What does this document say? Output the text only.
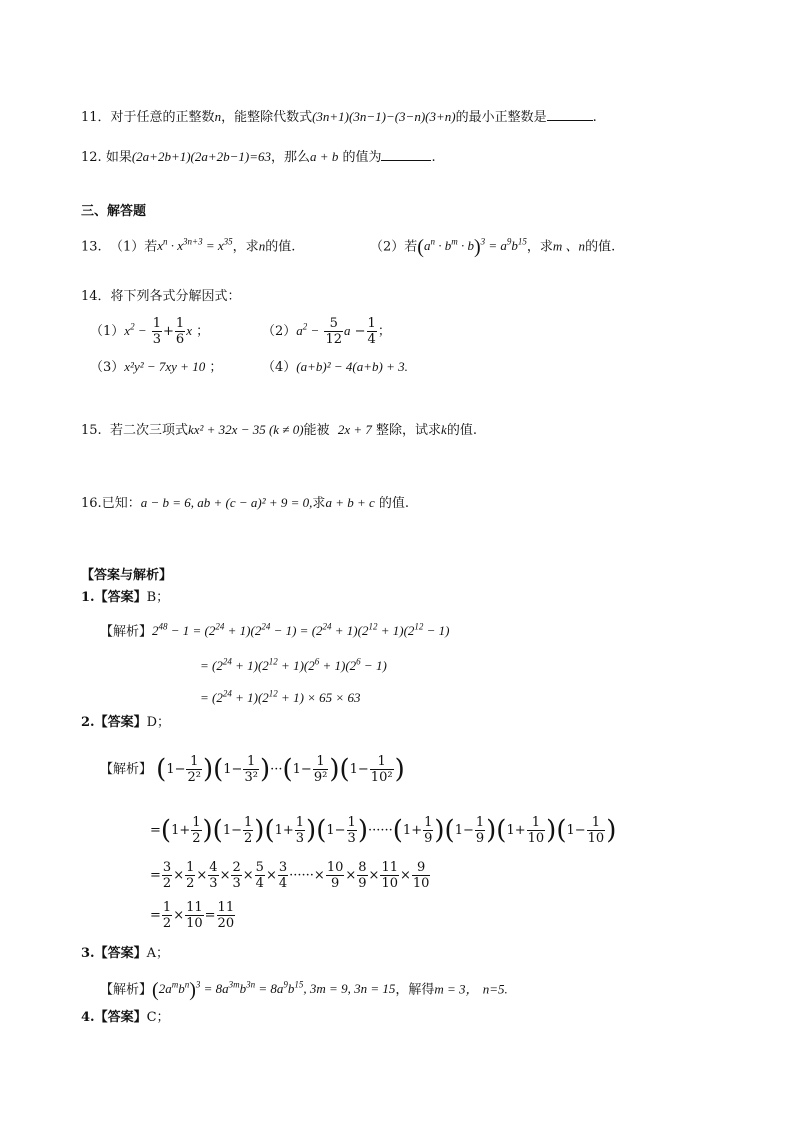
11．对于任意的正整数n，能整除代数式(3n+1)(3n−1)−(3−n)(3+n)的最小正整数是	.
12. 如果(2a+2b+1)(2a+2b−1)=63，那么a + b 的值为	.
三、解答题
13. （1）若$x^n \cdot x^{3n+3} = x^{35}$，求n的值.	（2）若$(a^n \cdot b^m \cdot b)^3 = a^9b^{15}$，求m 、n的值.
14．将下列各式分解因式：
$(1)x^2 - \frac{1}{3} + \frac{1}{6}$ x ；	$(2)a^2 - \frac{5}{12}$ $a - \frac{1}{4}$ ；
（3）x²y² − 7xy + 10 ；	（4）(a+b)² − 4(a+b) + 3.
15. 若二次三项式kx² + 32x − 35 (k ≠ 0)能被 2x + 7 整除，试求k的值.
16.已知：a − b = 6, ab + (c − a)² + 9 = 0,求a + b + c 的值.
【答案与解析】
1.【答案】B；
【解析】$2^{48} - 1 = (2^{24} + 1)(2^{24} - 1) = (2^{24} + 1)(2^{12} + 1)(2^{12} - 1)$
= $(2^{24} + 1)(2^{12} + 1)(2^6 + 1)(2^6 - 1)$
= $(2^{24} + 1)(2^{12} + 1) \times 65 \times 63$
2.【答案】D；
【解析】 $(1- \frac{1}{\text{2²}} )(1- \frac{1}{\text{3²}} )\cdot\cdot\cdot(1- \frac{1}{\text{9²}} )(1- \frac{1}{\text{10²}}$ )
$=(1+ \frac{1}{2} )(1- \frac{1}{2} )(1+ \frac{1}{3} )(1- \frac{1}{3} )\cdot\cdot\cdot\cdot\cdot\cdot(1+ \frac{1}{9} )(1- \frac{1}{9} )(1+ \frac{1}{10} )(1- \frac{1}{10}$ )
= $\frac{3}{2} \times \frac{1}{2} \times \frac{4}{3} \times \frac{2}{3} \times \frac{5}{4} \times \frac{3}{4}$ ······× $\frac{10}{9} \times \frac{8}{9} \times \frac{11}{10} \times \frac{9}{10}$
= $\frac{1}{2} \times \frac{11}{10} = \frac{11}{20}$
3.【答案】A；
【解析】$(2a^mb^n)^3 = 8a^{3m}b^{3n} = 8a^9b^{15}$, 3m = 9, 3n = 15，解得m = 3， n=5.
4.【答案】C；
